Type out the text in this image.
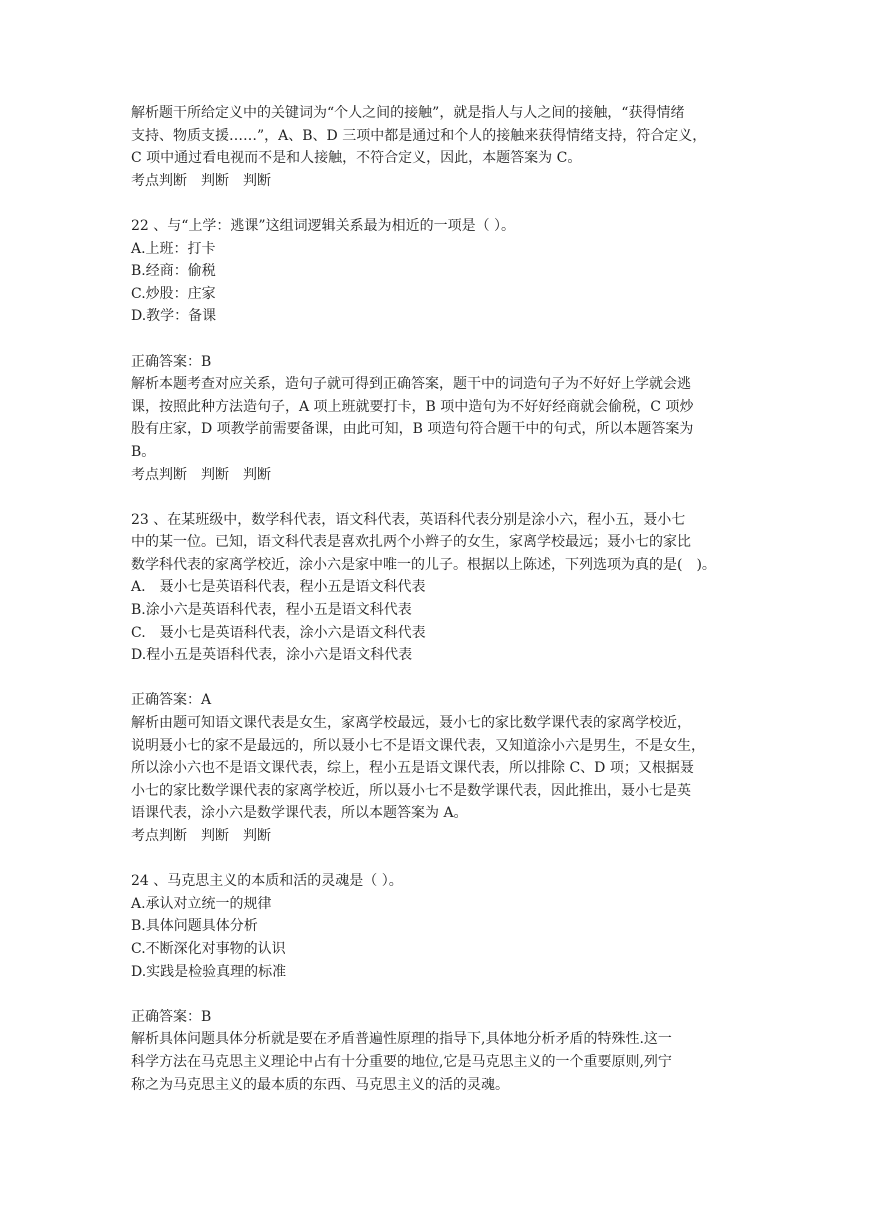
解析题干所给定义中的关键词为“个人之间的接触”，就是指人与人之间的接触，“获得情绪
支持、物质支援……”，A、B、D 三项中都是通过和个人的接触来获得情绪支持，符合定义，
C 项中通过看电视而不是和人接触，不符合定义，因此，本题答案为 C。
考点判断　判断　判断
22 、与“上学：逃课”这组词逻辑关系最为相近的一项是（ ）。
A.上班：打卡
B.经商：偷税
C.炒股：庄家
D.教学：备课
正确答案：B
解析本题考查对应关系，造句子就可得到正确答案，题干中的词造句子为不好好上学就会逃
课，按照此种方法造句子，A 项上班就要打卡，B 项中造句为不好好经商就会偷税，C 项炒
股有庄家，D 项教学前需要备课，由此可知，B 项造句符合题干中的句式，所以本题答案为
B。
考点判断　判断　判断
23 、在某班级中，数学科代表，语文科代表，英语科代表分别是涂小六，程小五，聂小七
中的某一位。已知，语文科代表是喜欢扎两个小辫子的女生，家离学校最远；聂小七的家比
数学科代表的家离学校近，涂小六是家中唯一的儿子。根据以上陈述，下列选项为真的是(　)。
A.　聂小七是英语科代表，程小五是语文科代表
B.涂小六是英语科代表，程小五是语文科代表
C.　聂小七是英语科代表，涂小六是语文科代表
D.程小五是英语科代表，涂小六是语文科代表
正确答案：A
解析由题可知语文课代表是女生，家离学校最远，聂小七的家比数学课代表的家离学校近，
说明聂小七的家不是最远的，所以聂小七不是语文课代表，又知道涂小六是男生，不是女生，
所以涂小六也不是语文课代表，综上，程小五是语文课代表，所以排除 C、D 项；又根据聂
小七的家比数学课代表的家离学校近，所以聂小七不是数学课代表，因此推出，聂小七是英
语课代表，涂小六是数学课代表，所以本题答案为 A。
考点判断　判断　判断
24 、马克思主义的本质和活的灵魂是（ ）。
A.承认对立统一的规律
B.具体问题具体分析
C.不断深化对事物的认识
D.实践是检验真理的标准
正确答案：B
解析具体问题具体分析就是要在矛盾普遍性原理的指导下,具体地分析矛盾的特殊性.这一
科学方法在马克思主义理论中占有十分重要的地位,它是马克思主义的一个重要原则,列宁
称之为马克思主义的最本质的东西、马克思主义的活的灵魂。
